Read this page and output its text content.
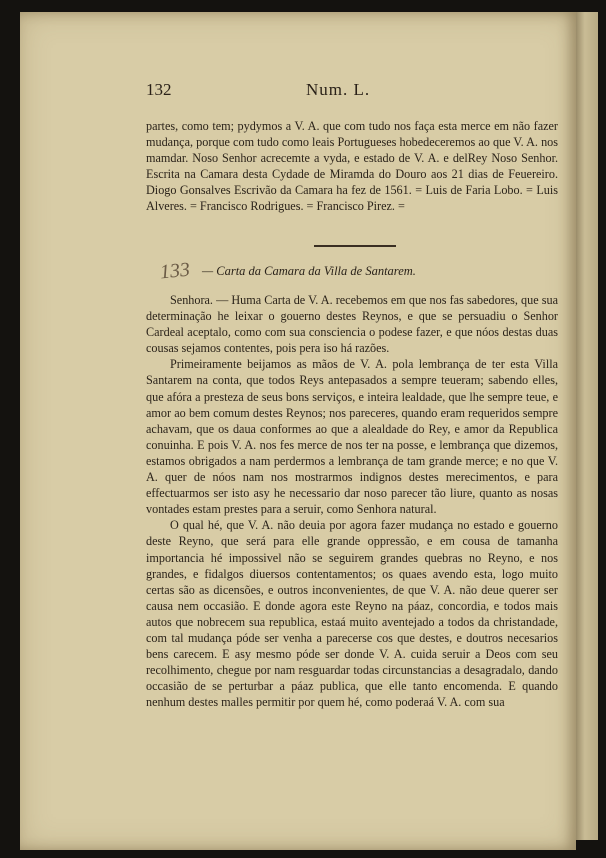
132	Num. L.
partes, como tem; pydymos a V. A. que com tudo nos faça esta merce em não fazer mudança, porque com tudo como leais Portugueses hobedeceremos ao que V. A. nos mamdar. Noso Senhor acrecemte a vyda, e estado de V. A. e delRey Noso Senhor. Escrita na Camara desta Cydade de Miramda do Douro aos 21 dias de Feuereiro. Diogo Gonsalves Escrivão da Camara ha fez de 1561. = Luis de Faria Lobo. = Luis Alveres. = Francisco Rodrigues. = Francisco Pirez. =
133 — Carta da Camara da Villa de Santarem.

Senhora. — Huma Carta de V. A. recebemos em que nos fas sabedores, que sua determinação he leixar o gouerno destes Reynos, e que se persuadiu o Senhor Cardeal aceptalo, como com sua consciencia o podese fazer, e que nóos destas duas cousas sejamos contentes, pois pera iso há razões.

Primeiramente beijamos as mãos de V. A. pola lembrança de ter esta Villa Santarem na conta, que todos Reys antepasados a sempre teueram; sabendo elles, que afóra a presteza de seus bons serviços, e inteira lealdade, que lhe sempre teue, e amor ao bem comum destes Reynos; nos pareceres, quando eram requeridos sempre achavam, que os daua conformes ao que a alealdade do Rey, e amor da Republica conuinha. E pois V. A. nos fes merce de nos ter na posse, e lembrança que dizemos, estamos obrigados a nam perdermos a lembrança de tam grande merce; e no que V. A. quer de nóos nam nos mostrarmos indignos destes merecimentos, e para effectuarmos ser isto asy he necessario dar noso parecer tão liure, quanto as nosas vontades estam prestes para a seruir, como Senhora natural.

O qual hé, que V. A. não deuia por agora fazer mudança no estado e gouerno deste Reyno, que será para elle grande oppressão, e em cousa de tamanha importancia hé impossivel não se seguirem grandes quebras no Reyno, e nos grandes, e fidalgos diuersos contentamentos; os quaes avendo esta, logo muito certas são as dicensões, e outros inconvenientes, de que V. A. não deue querer ser causa nem occasião. E donde agora este Reyno na páaz, concordia, e todos mais autos que nobrecem sua republica, estaá muito aventejado a todos da christandade, com tal mudança póde ser venha a parecerse cos que destes, e doutros necesarios bens carecem. E asy mesmo póde ser donde V. A. cuida seruir a Deos com seu recolhimento, chegue por nam resguardar todas circunstancias a desagradalo, dando occasião de se perturbar a páaz publica, que elle tanto encomenda. E quando nenhum destes malles permitir por quem hé, como poderaá V. A. com sua
